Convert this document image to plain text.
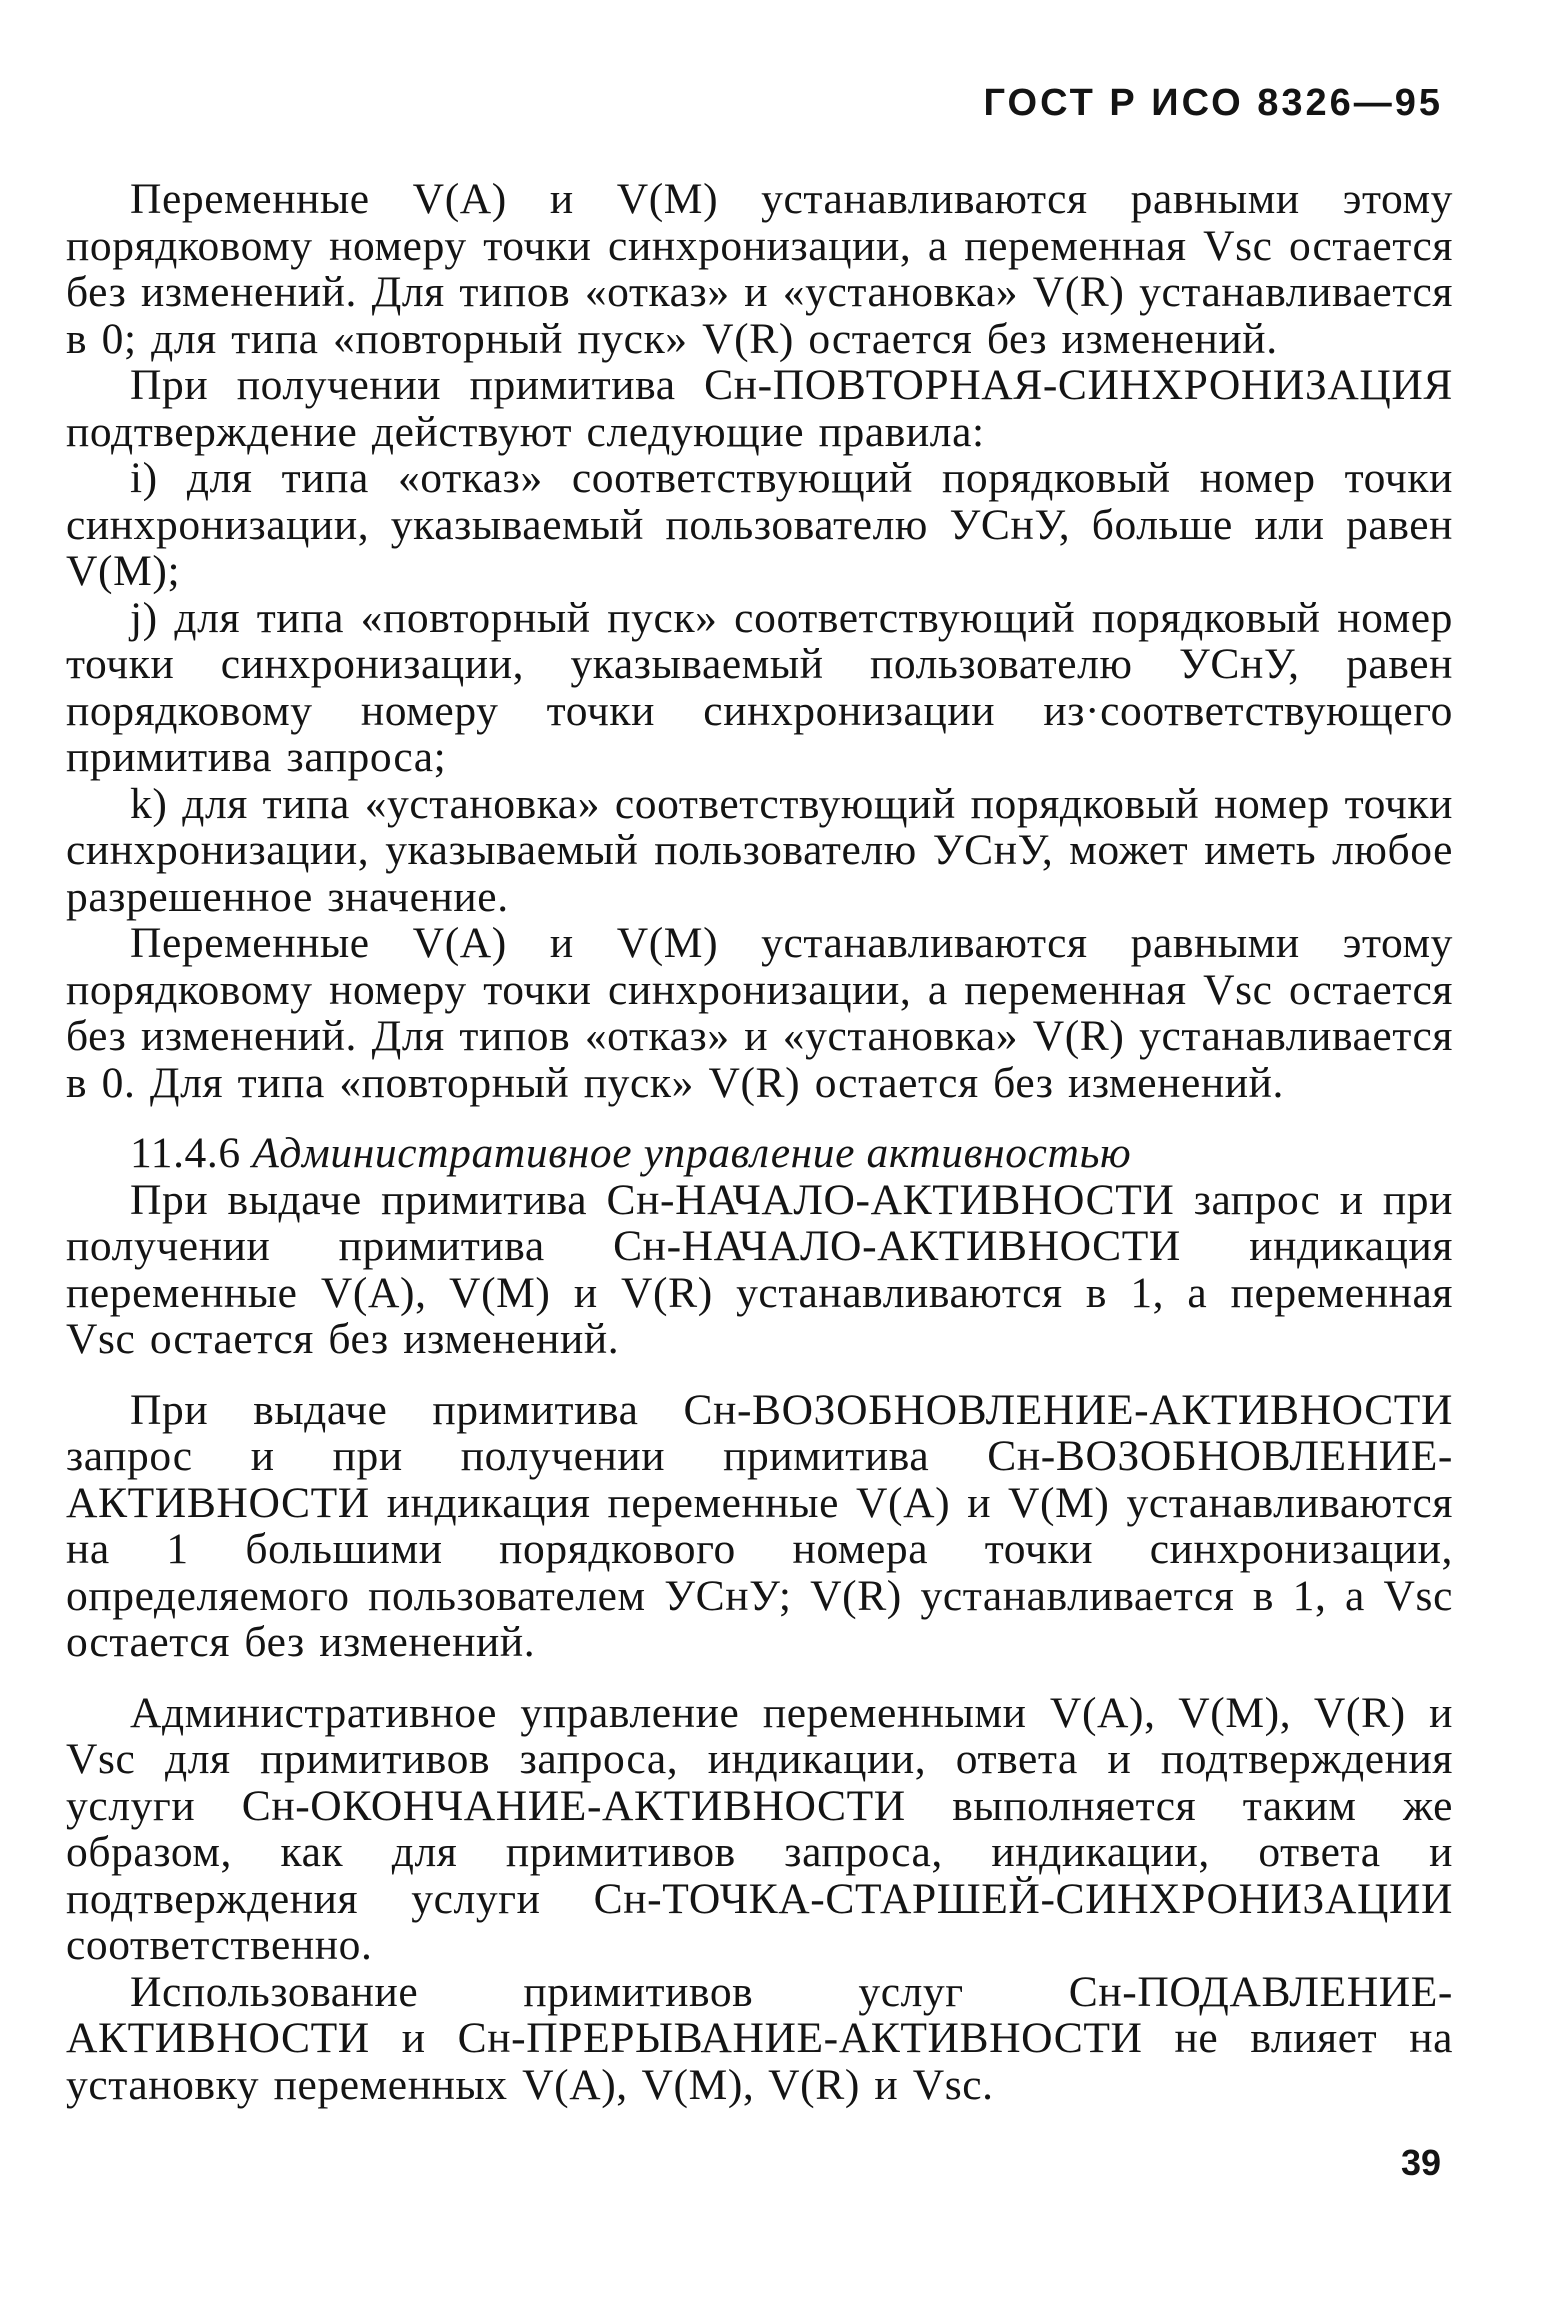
ГОСТ Р ИСО 8326—95

Переменные V(A) и V(M) устанавливаются равными этому порядковому номеру точки синхронизации, а переменная Vsc остается без изменений. Для типов «отказ» и «установка» V(R) устанавливается в 0; для типа «повторный пуск» V(R) остается без изменений.

При получении примитива Сн-ПОВТОРНАЯ-СИНХРОНИЗАЦИЯ подтверждение действуют следующие правила:

i) для типа «отказ» соответствующий порядковый номер точки синхронизации, указываемый пользователю УСнУ, больше или равен V(M);

j) для типа «повторный пуск» соответствующий порядковый номер точки синхронизации, указываемый пользователю УСнУ, равен порядковому номеру точки синхронизации из·соответствующего примитива запроса;

k) для типа «установка» соответствующий порядковый номер точки синхронизации, указываемый пользователю УСнУ, может иметь любое разрешенное значение.

Переменные V(A) и V(M) устанавливаются равными этому порядковому номеру точки синхронизации, а переменная Vsc остается без изменений. Для типов «отказ» и «установка» V(R) устанавливается в 0. Для типа «повторный пуск» V(R) остается без изменений.

11.4.6 Административное управление активностью

При выдаче примитива Сн-НАЧАЛО-АКТИВНОСТИ запрос и при получении примитива Сн-НАЧАЛО-АКТИВНОСТИ индикация переменные V(A), V(M) и V(R) устанавливаются в 1, а переменная Vsc остается без изменений.

При выдаче примитива Сн-ВОЗОБНОВЛЕНИЕ-АКТИВНОСТИ запрос и при получении примитива Сн-ВОЗОБНОВЛЕНИЕ-АКТИВНОСТИ индикация переменные V(A) и V(M) устанавливаются на 1 большими порядкового номера точки синхронизации, определяемого пользователем УСнУ; V(R) устанавливается в 1, а Vsc остается без изменений.

Административное управление переменными V(A), V(M), V(R) и Vsc для примитивов запроса, индикации, ответа и подтверждения услуги Сн-ОКОНЧАНИЕ-АКТИВНОСТИ выполняется таким же образом, как для примитивов запроса, индикации, ответа и подтверждения услуги Сн-ТОЧКА-СТАРШЕЙ-СИНХРОНИЗАЦИИ соответственно.

Использование примитивов услуг Сн-ПОДАВЛЕНИЕ-АКТИВНОСТИ и Сн-ПРЕРЫВАНИЕ-АКТИВНОСТИ не влияет на установку переменных V(A), V(M), V(R) и Vsc.

39
